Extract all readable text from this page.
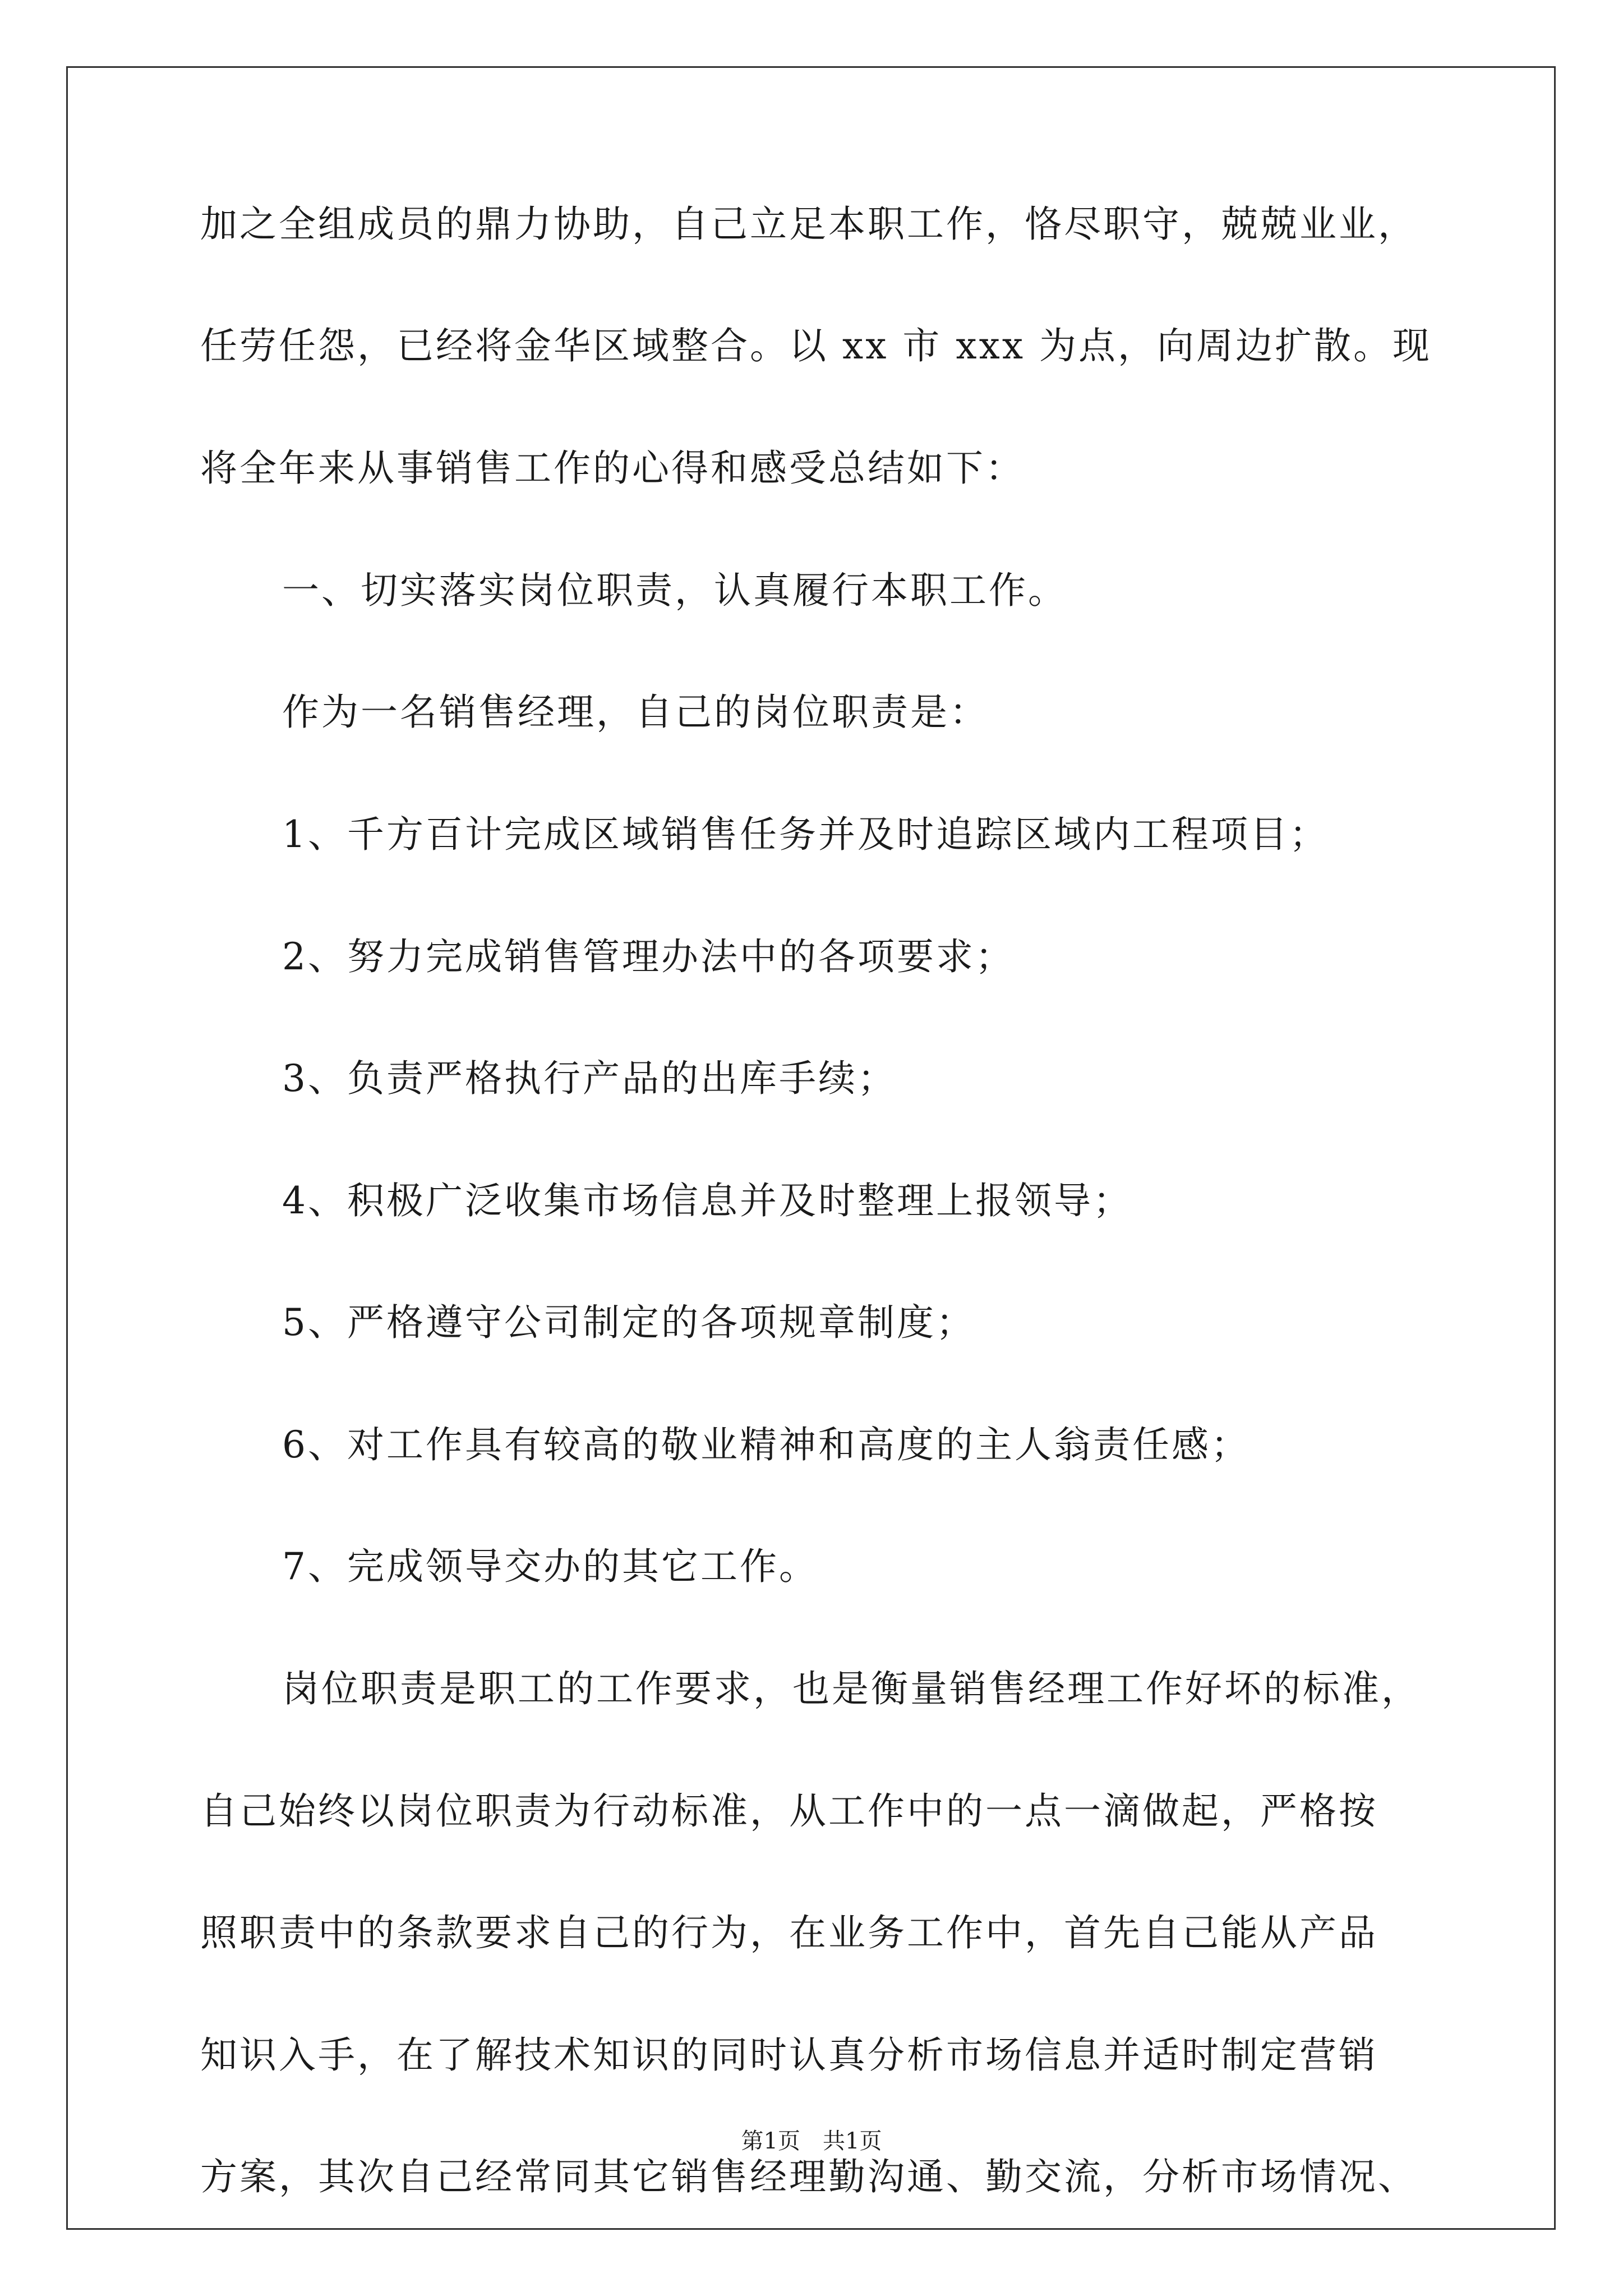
加之全组成员的鼎力协助，自己立足本职工作，恪尽职守，兢兢业业，
任劳任怨，已经将金华区域整合。以 xx 市 xxx 为点，向周边扩散。现
将全年来从事销售工作的心得和感受总结如下：
一、切实落实岗位职责，认真履行本职工作。
作为一名销售经理，自己的岗位职责是：
1、千方百计完成区域销售任务并及时追踪区域内工程项目；
2、努力完成销售管理办法中的各项要求；
3、负责严格执行产品的出库手续；
4、积极广泛收集市场信息并及时整理上报领导；
5、严格遵守公司制定的各项规章制度；
6、对工作具有较高的敬业精神和高度的主人翁责任感；
7、完成领导交办的其它工作。
岗位职责是职工的工作要求，也是衡量销售经理工作好坏的标准，
自己始终以岗位职责为行动标准，从工作中的一点一滴做起，严格按
照职责中的条款要求自己的行为，在业务工作中，首先自己能从产品
知识入手，在了解技术知识的同时认真分析市场信息并适时制定营销
方案，其次自己经常同其它销售经理勤沟通、勤交流，分析市场情况、
第1页　共1页
